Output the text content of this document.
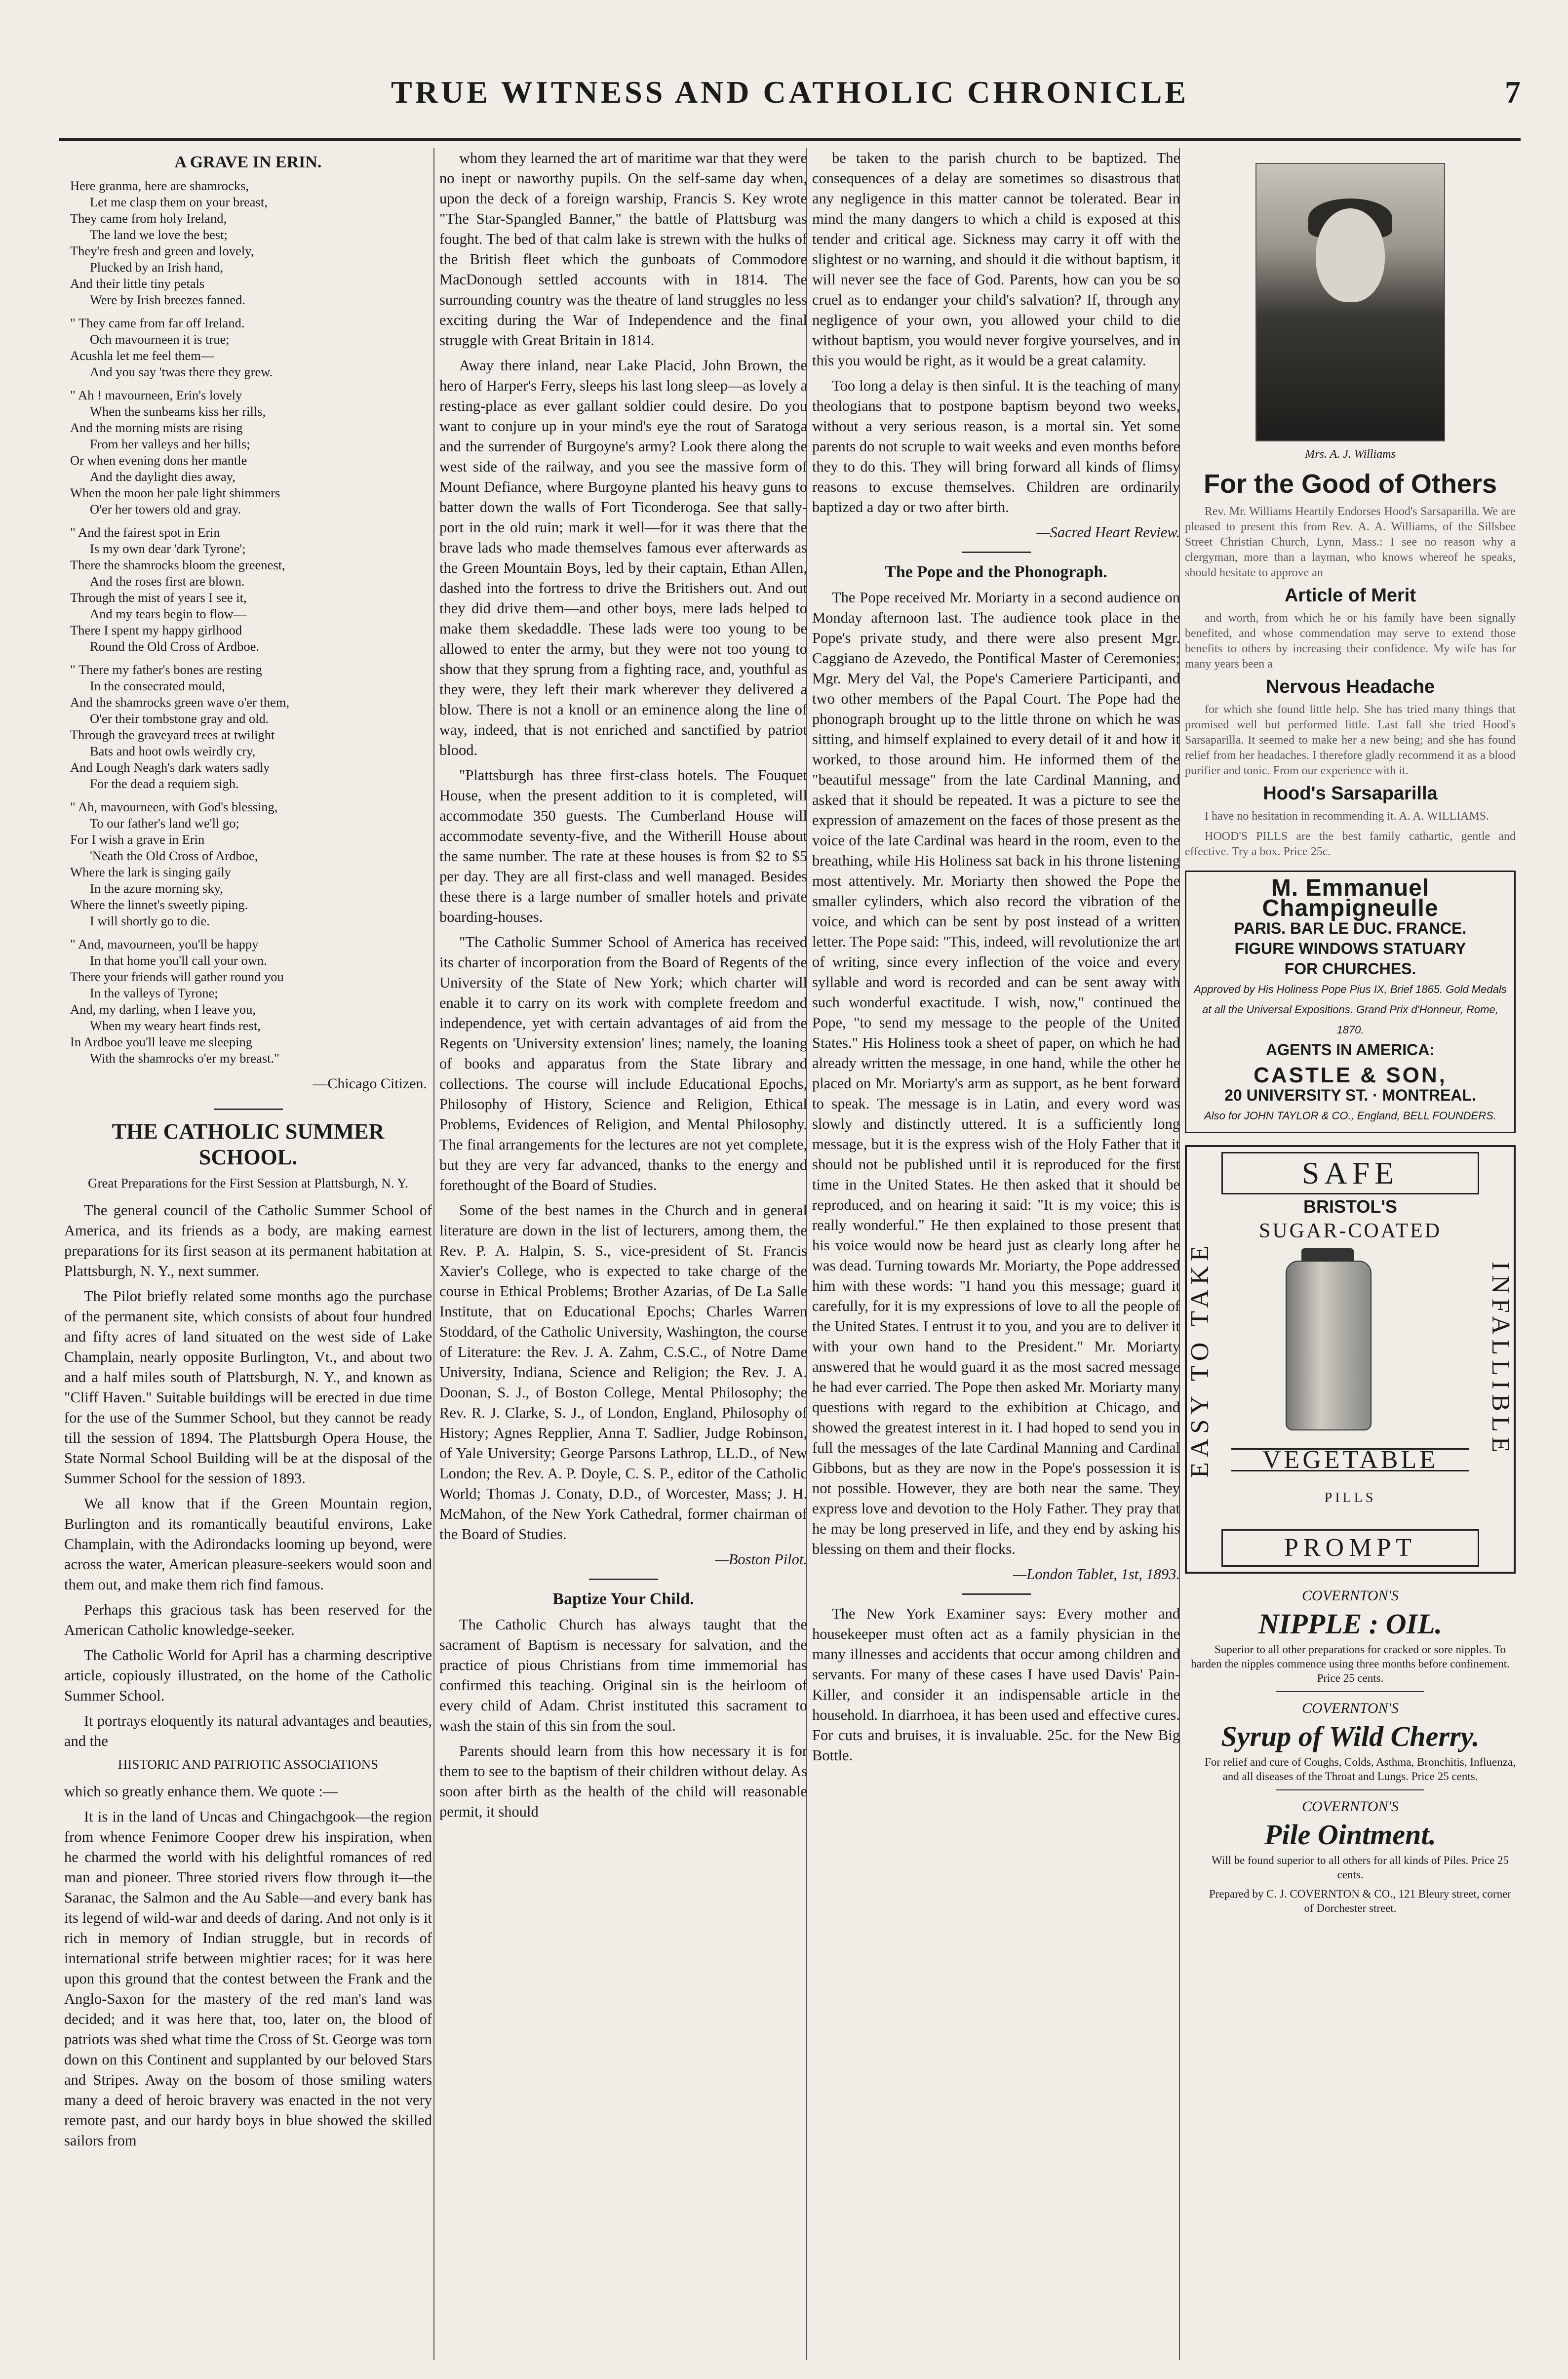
TRUE WITNESS AND CATHOLIC CHRONICLE	7
A GRAVE IN ERIN.
Here granma, here are shamrocks,
Let me clasp them on your breast,
They came from holy Ireland,
The land we love the best;
They're fresh and green and lovely,
Plucked by an Irish hand,
And their little tiny petals
Were by Irish breezes fanned.
" They came from far off Ireland.
Och mavourneen it is true;
Acushla let me feel them—
And you say 'twas there they grew.
" Ah ! mavourneen, Erin's lovely
When the sunbeams kiss her rills,
And the morning mists are rising
From her valleys and her hills;
Or when evening dons her mantle
And the daylight dies away,
When the moon her pale light shimmers
O'er her towers old and gray.
" And the fairest spot in Erin
Is my own dear 'dark Tyrone';
There the shamrocks bloom the greenest,
And the roses first are blown.
Through the mist of years I see it,
And my tears begin to flow—
There I spent my happy girlhood
Round the Old Cross of Ardboe.
" There my father's bones are resting
In the consecrated mould,
And the shamrocks green wave o'er them,
O'er their tombstone gray and old.
Through the graveyard trees at twilight
Bats and hoot owls weirdly cry,
And Lough Neagh's dark waters sadly
For the dead a requiem sigh.
" Ah, mavourneen, with God's blessing,
To our father's land we'll go;
For I wish a grave in Erin
'Neath the Old Cross of Ardboe,
Where the lark is singing gaily
In the azure morning sky,
Where the linnet's sweetly piping.
I will shortly go to die.
" And, mavourneen, you'll be happy
In that home you'll call your own.
There your friends will gather round you
In the valleys of Tyrone;
And, my darling, when I leave you,
When my weary heart finds rest,
In Ardboe you'll leave me sleeping
With the shamrocks o'er my breast."
—Chicago Citizen.
THE CATHOLIC SUMMER SCHOOL.
Great Preparations for the First Session at Plattsburgh, N. Y.

The general council of the Catholic Summer School of America, and its friends as a body, are making earnest preparations for its first season at its permanent habitation at Plattsburgh, N. Y., next summer.

The Pilot briefly related some months ago the purchase of the permanent site, which consists of about four hundred and fifty acres of land situated on the west side of Lake Champlain, nearly opposite Burlington, Vt., and about two and a half miles south of Plattsburgh, N. Y., and known as "Cliff Haven." Suitable buildings will be erected in due time for the use of the Summer School, but they cannot be ready till the session of 1894. The Plattsburgh Opera House, the State Normal School Building will be at the disposal of the Summer School for the session of 1893.

We all know that if the Green Mountain region, Burlington and its romantically beautiful environs, Lake Champlain, with the Adirondacks looming up beyond, were across the water, American pleasure-seekers would soon and them out, and make them rich find famous.

Perhaps this gracious task has been reserved for the American Catholic knowledge-seeker.

The Catholic World for April has a charming descriptive article, copiously illustrated, on the home of the Catholic Summer School.

It portrays eloquently its natural advantages and beauties, and the

HISTORIC AND PATRIOTIC ASSOCIATIONS

which so greatly enhance them. We quote :—

It is in the land of Uncas and Chingachgook—the region from whence Fenimore Cooper drew his inspiration, when he charmed the world with his delightful romances of red man and pioneer. Three storied rivers flow through it—the Saranac, the Salmon and the Au Sable—and every bank has its legend of wild-war and deeds of daring. And not only is it rich in memory of Indian struggle, but in records of international strife between mightier races; for it was here upon this ground that the contest between the Frank and the Anglo-Saxon for the mastery of the red man's land was decided; and it was here that, too, later on, the blood of patriots was shed what time the Cross of St. George was torn down on this Continent and supplanted by our beloved Stars and Stripes. Away on the bosom of those smiling waters many a deed of heroic bravery was enacted in the not very remote past, and our hardy boys in blue showed the skilled sailors from

whom they learned the art of maritime war that they were no inept or naworthy pupils. On the self-same day when, upon the deck of a foreign warship, Francis S. Key wrote "The Star-Spangled Banner," the battle of Plattsburg was fought. The bed of that calm lake is strewn with the hulks of the British fleet which the gunboats of Commodore MacDonough settled accounts with in 1814. The surrounding country was the theatre of land struggles no less exciting during the War of Independence and the final struggle with Great Britain in 1814.

Away there inland, near Lake Placid, John Brown, the hero of Harper's Ferry, sleeps his last long sleep—as lovely a resting-place as ever gallant soldier could desire. Do you want to conjure up in your mind's eye the rout of Saratoga and the surrender of Burgoyne's army? Look there along the west side of the railway, and you see the massive form of Mount Defiance, where Burgoyne planted his heavy guns to batter down the walls of Fort Ticonderoga. See that sally-port in the old ruin; mark it well—for it was there that the brave lads who made themselves famous ever afterwards as the Green Mountain Boys, led by their captain, Ethan Allen, dashed into the fortress to drive the Britishers out. And out they did drive them—and other boys, mere lads helped to make them skedaddle. These lads were too young to be allowed to enter the army, but they were not too young to show that they sprung from a fighting race, and, youthful as they were, they left their mark wherever they delivered a blow. There is not a knoll or an eminence along the line of way, indeed, that is not enriched and sanctified by patriot blood.

"Plattsburgh has three first-class hotels. The Fouquet House, when the present addition to it is completed, will accommodate 350 guests. The Cumberland House will accommodate seventy-five, and the Witherill House about the same number. The rate at these houses is from $2 to $5 per day. They are all first-class and well managed. Besides these there is a large number of smaller hotels and private boarding-houses.

"The Catholic Summer School of America has received its charter of incorporation from the Board of Regents of the University of the State of New York; which charter will enable it to carry on its work with complete freedom and independence, yet with certain advantages of aid from the Regents on 'University extension' lines; namely, the loaning of books and apparatus from the State library and collections. The course will include Educational Epochs, Philosophy of History, Science and Religion, Ethical Problems, Evidences of Religion, and Mental Philosophy. The final arrangements for the lectures are not yet complete, but they are very far advanced, thanks to the energy and forethought of the Board of Studies.

Some of the best names in the Church and in general literature are down in the list of lecturers, among them, the Rev. P. A. Halpin, S. S., vice-president of St. Francis Xavier's College, who is expected to take charge of the course in Ethical Problems; Brother Azarias, of De La Salle Institute, that on Educational Epochs; Charles Warren Stoddard, of the Catholic University, Washington, the course of Literature: the Rev. J. A. Zahm, C.S.C., of Notre Dame University, Indiana, Science and Religion; the Rev. J. A. Doonan, S. J., of Boston College, Mental Philosophy; the Rev. R. J. Clarke, S. J., of London, England, Philosophy of History; Agnes Repplier, Anna T. Sadlier, Judge Robinson, of Yale University; George Parsons Lathrop, LL.D., of New London; the Rev. A. P. Doyle, C. S. P., editor of the Catholic World; Thomas J. Conaty, D.D., of Worcester, Mass; J. H. McMahon, of the New York Cathedral, former chairman of the Board of Studies.

—Boston Pilot.

Baptize Your Child.

The Catholic Church has always taught that the sacrament of Baptism is necessary for salvation, and the practice of pious Christians from time immemorial has confirmed this teaching. Original sin is the heirloom of every child of Adam. Christ instituted this sacrament to wash the stain of this sin from the soul.

Parents should learn from this how necessary it is for them to see to the baptism of their children without delay. As soon after birth as the health of the child will reasonable permit, it should

be taken to the parish church to be baptized. The consequences of a delay are sometimes so disastrous that any negligence in this matter cannot be tolerated. Bear in mind the many dangers to which a child is exposed at this tender and critical age. Sickness may carry it off with the slightest or no warning, and should it die without baptism, it will never see the face of God. Parents, how can you be so cruel as to endanger your child's salvation? If, through any negligence of your own, you allowed your child to die without baptism, you would never forgive yourselves, and in this you would be right, as it would be a great calamity.

Too long a delay is then sinful. It is the teaching of many theologians that to postpone baptism beyond two weeks, without a very serious reason, is a mortal sin. Yet some parents do not scruple to wait weeks and even months before they to do this. They will bring forward all kinds of flimsy reasons to excuse themselves. Children are ordinarily baptized a day or two after birth.

—Sacred Heart Review.

The Pope and the Phonograph.

The Pope received Mr. Moriarty in a second audience on Monday afternoon last. The audience took place in the Pope's private study, and there were also present Mgr. Caggiano de Azevedo, the Pontifical Master of Ceremonies; Mgr. Mery del Val, the Pope's Cameriere Participanti, and two other members of the Papal Court. The Pope had the phonograph brought up to the little throne on which he was sitting, and himself explained to every detail of it and how it worked, to those around him. He informed them of the "beautiful message" from the late Cardinal Manning, and asked that it should be repeated. It was a picture to see the expression of amazement on the faces of those present as the voice of the late Cardinal was heard in the room, even to the breathing, while His Holiness sat back in his throne listening most attentively. Mr. Moriarty then showed the Pope the smaller cylinders, which also record the vibration of the voice, and which can be sent by post instead of a written letter. The Pope said: "This, indeed, will revolutionize the art of writing, since every inflection of the voice and every syllable and word is recorded and can be sent away with such wonderful exactitude. I wish, now," continued the Pope, "to send my message to the people of the United States." His Holiness took a sheet of paper, on which he had already written the message, in one hand, while the other he placed on Mr. Moriarty's arm as support, as he bent forward to speak. The message is in Latin, and every word was slowly and distinctly uttered. It is a sufficiently long message, but it is the express wish of the Holy Father that it should not be published until it is reproduced for the first time in the United States. He then asked that it should be reproduced, and on hearing it said: "It is my voice; this is really wonderful." He then explained to those present that his voice would now be heard just as clearly long after he was dead. Turning towards Mr. Moriarty, the Pope addressed him with these words: "I hand you this message; guard it carefully, for it is my expressions of love to all the people of the United States. I entrust it to you, and you are to deliver it with your own hand to the President." Mr. Moriarty answered that he would guard it as the most sacred message he had ever carried. The Pope then asked Mr. Moriarty many questions with regard to the exhibition at Chicago, and showed the greatest interest in it. I had hoped to send you in full the messages of the late Cardinal Manning and Cardinal Gibbons, but as they are now in the Pope's possession it is not possible. However, they are both near the same. They express love and devotion to the Holy Father. They pray that he may be long preserved in life, and they end by asking his blessing on them and their flocks.

—London Tablet, 1st, 1893.

The New York Examiner says: Every mother and housekeeper must often act as a family physician in the many illnesses and accidents that occur among children and servants. For many of these cases I have used Davis' Pain-Killer, and consider it an indispensable article in the household. In diarrhoea, it has been used and effective cures. For cuts and bruises, it is invaluable. 25c. for the New Big Bottle.

Mrs. A. J. Williams
For the Good of Others

Rev. Mr. Williams Heartily Endorses Hood's Sarsaparilla. We are pleased to present this from Rev. A. A. Williams, of the Sillsbee Street Christian Church, Lynn, Mass.: I see no reason why a clergyman, more than a layman, who knows whereof he speaks, should hesitate to approve an

Article of Merit

and worth, from which he or his family have been signally benefited, and whose commendation may serve to extend those benefits to others by increasing their confidence. My wife has for many years been a

Nervous Headache

for which she found little help. She has tried many things that promised well but performed little. Last fall she tried Hood's Sarsaparilla. It seemed to make her a new being; and she has found relief from her headaches. I therefore gladly recommend it as a blood purifier and tonic. From our experience with it.

Hood's Sarsaparilla

I have no hesitation in recommending it. A. A. WILLIAMS.

HOOD'S PILLS are the best family cathartic, gentle and effective. Try a box. Price 25c.

M. Emmanuel Champigneulle
PARIS. BAR LE DUC. FRANCE.
FIGURE WINDOWS STATUARY
FOR CHURCHES.
Approved by His Holiness Pope Pius IX, Brief 1865. Gold Medals at all the Universal Expositions. Grand Prix d'Honneur, Rome, 1870.
AGENTS IN AMERICA:
CASTLE & SON,
20 UNIVERSITY ST. · MONTREAL.
Also for JOHN TAYLOR & CO., England, BELL FOUNDERS.
SAFE
BRISTOL'S
SUGAR-COATED
EASY TO TAKE	INFALLIBLE
VEGETABLE
PILLS
PROMPT
COVERNTON'S
NIPPLE : OIL.

Superior to all other preparations for cracked or sore nipples. To harden the nipples commence using three months before confinement. Price 25 cents.

COVERNTON'S
Syrup of Wild Cherry.

For relief and cure of Coughs, Colds, Asthma, Bronchitis, Influenza, and all diseases of the Throat and Lungs. Price 25 cents.

COVERNTON'S
Pile Ointment.

Will be found superior to all others for all kinds of Piles. Price 25 cents.

Prepared by C. J. COVERNTON & CO., 121 Bleury street, corner of Dorchester street.
